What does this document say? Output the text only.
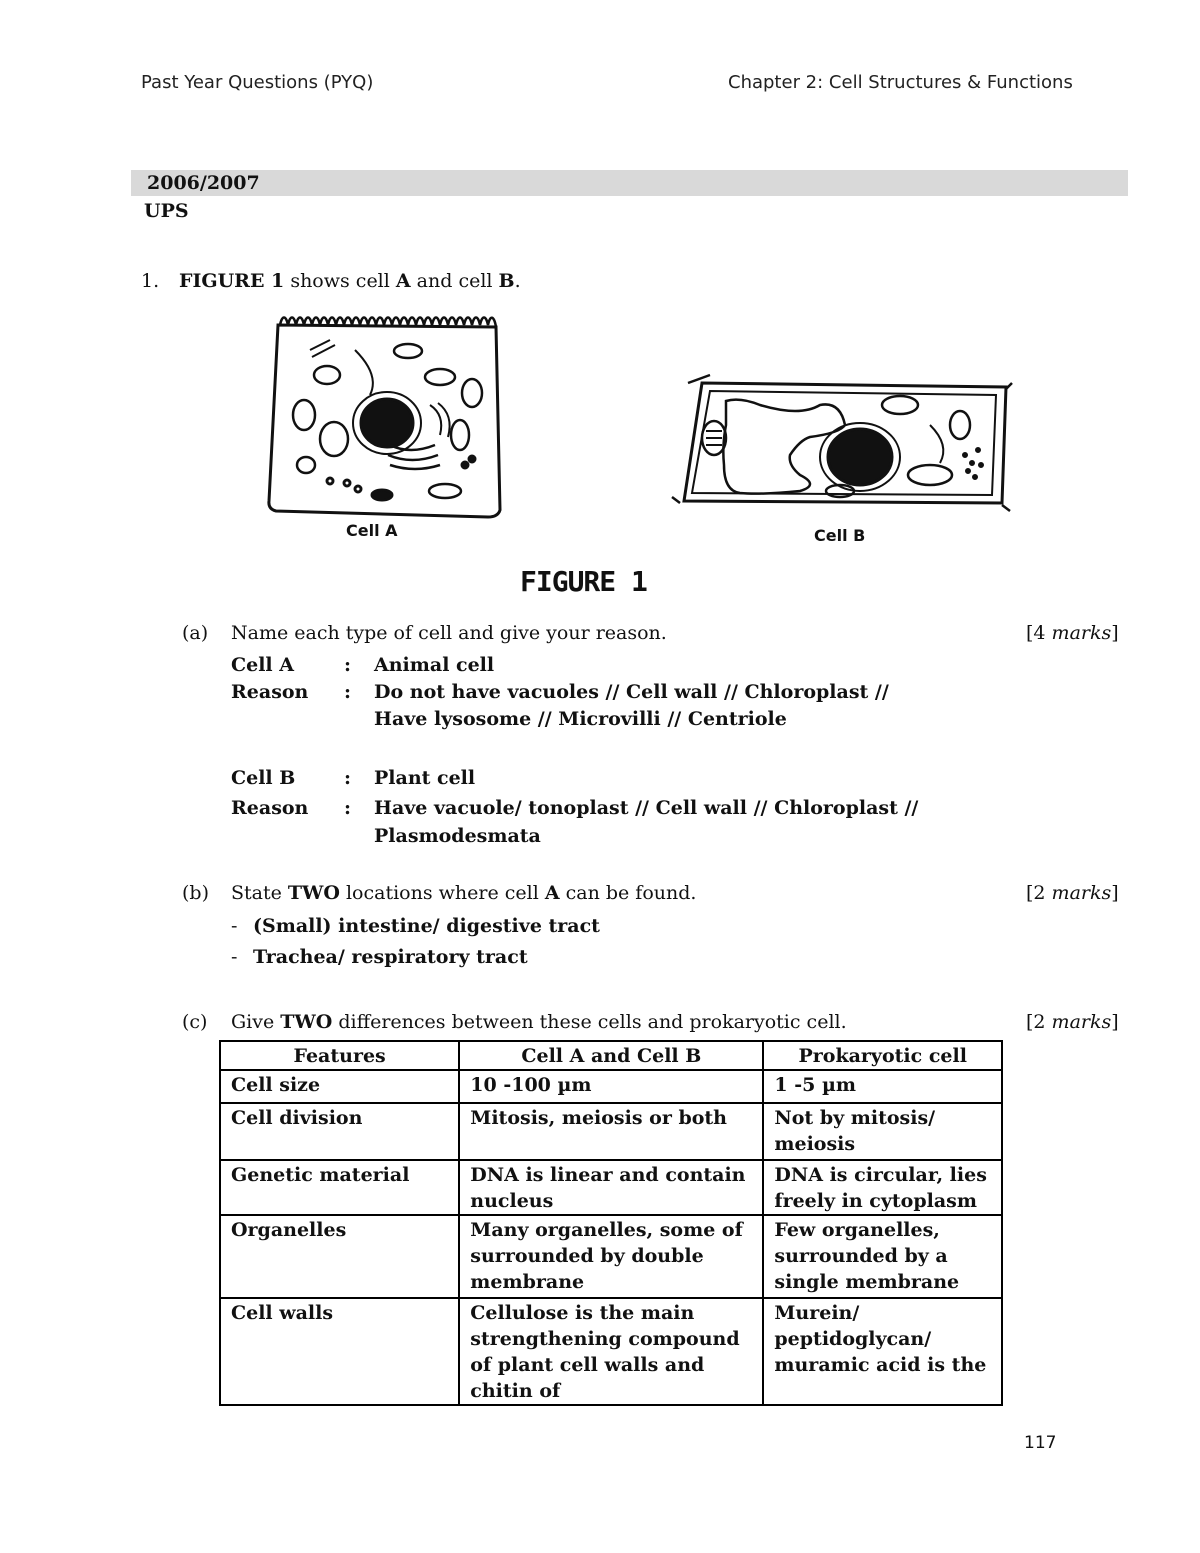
Past Year Questions (PYQ)	Chapter 2: Cell Structures & Functions
2006/2007
UPS
1. FIGURE 1 shows cell A and cell B.
Cell A	Cell B
FIGURE 1
(a) Name each type of cell and give your reason.	[4 marks]
Cell A	: Animal cell
Reason : Do not have vacuoles // Cell wall // Chloroplast //
Have lysosome // Microvilli // Centriole
Cell B	: Plant cell
Reason : Have vacuole/ tonoplast // Cell wall // Chloroplast //
Plasmodesmata
(b) State TWO locations where cell A can be found.	[2 marks]
- (Small) intestine/ digestive tract
- Trachea/ respiratory tract
(c) Give TWO differences between these cells and prokaryotic cell.	[2 marks]
Features	Cell A and Cell B	Prokaryotic cell
Cell size	10 -100 µm	1 -5 µm
Cell division	Mitosis, meiosis or both	Not by mitosis/ meiosis
Genetic material	DNA is linear and contain nucleus	DNA is circular, lies freely in cytoplasm
Organelles	Many organelles, some of surrounded by double membrane	Few organelles, surrounded by a single membrane
Cell walls	Cellulose is the main strengthening compound of plant cell walls and chitin of	Murein/ peptidoglycan/ muramic acid is the
117
